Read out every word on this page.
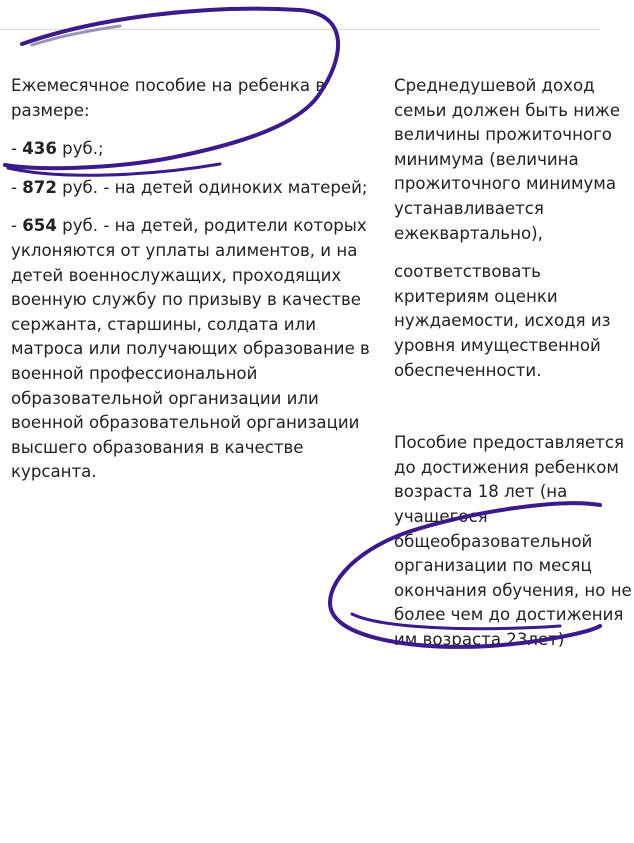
Ежемесячное пособие на ребенка в размере:

- 436 руб.;

- 872 руб. - на детей одиноких матерей;

- 654 руб. - на детей, родители которых уклоняются от уплаты алиментов, и на детей военнослужащих, проходящих военную службу по призыву в качестве сержанта, старшины, солдата или матроса или получающих образование в военной профессиональной образовательной организации или военной образовательной организации высшего образования в качестве курсанта.

Среднедушевой доход семьи должен быть ниже величины прожиточного минимума (величина прожиточного минимума устанавливается ежеквартально),

соответствовать критериям оценки нуждаемости, исходя из уровня имущественной обеспеченности.

Пособие предоставляется до достижения ребенком возраста 18 лет (на учащегося общеобразовательной организации по месяц окончания обучения, но не более чем до достижения им возраста 23лет)
